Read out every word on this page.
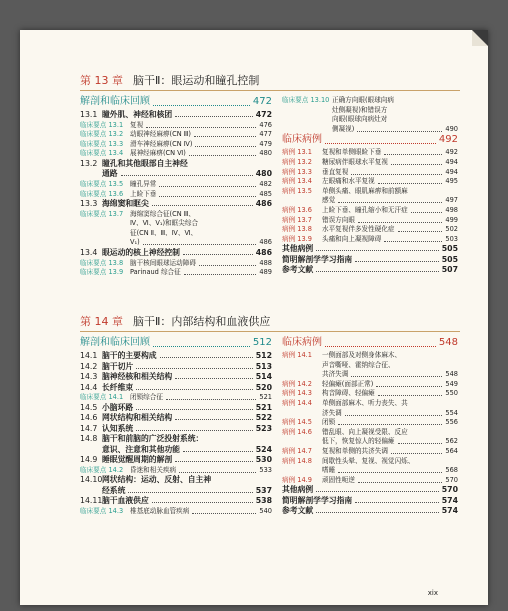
第 13 章 脑干Ⅱ：眼运动和瞳孔控制
解剖和临床回顾	472
13.1 瞳外肌、神经和核团	472
临床要点 13.1	复视	476
临床要点 13.2	动眼神经麻痹(CN Ⅲ)	477
临床要点 13.3	滑车神经麻痹(CN Ⅳ)	479
临床要点 13.4	展神经麻痹(CN Ⅵ)	480
13.2 瞳孔和其他眼部自主神经
通路	480
临床要点 13.5	瞳孔异常	482
临床要点 13.6	上睑下垂	485
13.3 海绵窦和眶尖	486
临床要点 13.7	海绵窦综合征(CN Ⅲ、
Ⅳ、Ⅵ、V₁)和眶尖综合
征(CN Ⅱ、Ⅲ、Ⅳ、Ⅵ、
V₁)	486
13.4 眼运动的核上神经控制	486
临床要点 13.8	脑干核间眼球运动障碍	488
临床要点 13.9	Parinaud 综合征	489
临床要点 13.10 正确方向眼(眼球向病
灶侧凝视)和错误方
向眼(眼球向病灶对
侧凝视)	490
临床病例	492
病例 13.1	复视和单侧眼睑下垂	492
病例 13.2	糖尿病伴眼球水平复视	494
病例 13.3	垂直复视	494
病例 13.4	左眼痛和水平复视	495
病例 13.5	单侧头痛、眼肌麻痹和前额麻
感觉	497
病例 13.6	上睑下垂、瞳孔缩小和无汗症	498
病例 13.7	错误方向眼	499
病例 13.8	水平复视伴多发性硬化症	502
病例 13.9	头痛和向上凝视障碍	503
其他病例	505
简明解剖学学习指南	505
参考文献	507
第 14 章 脑干Ⅱ：内部结构和血液供应
解剖和临床回顾	512
14.1 脑干的主要构成	512
14.2 脑干切片	513
14.3 脑神经核和相关结构	514
14.4 长纤维束	520
临床要点 14.1	闭锁综合征	521
14.5 小脑环路	521
14.6 网状结构和相关结构	522
14.7 认知系统	523
14.8 脑干和前脑的广泛投射系统：
意识、注意和其他功能	524
14.9 睡眠觉醒周期的解剖	530
临床要点 14.2	昏迷和相关疾病	533
14.10 网状结构：运动、反射、自主神
经系统	537
14.11 脑干血液供应	538
临床要点 14.3	椎基底动脉血管疾病	540
临床病例	548
病例 14.1	一侧面部及对侧身体麻木、
声音嘶哑、霍纳综合征、
共济失调	548
病例 14.2	轻偏瘫(面部正常)	549
病例 14.3	构音障碍、轻偏瘫	550
病例 14.4	单侧面部麻木、听力丧失、共
济失调	554
病例 14.5	闭锁	556
病例 14.6	错乱眼、向上凝视受限、反应
低下，恢复惊人的轻偏瘫	562
病例 14.7	复视和单侧的共济失调	564
病例 14.8	间歇性头晕、复视、视觉闪烁、
嗜睡	568
病例 14.9	顽固性呃逆	570
其他病例	570
简明解剖学学习指南	574
参考文献	574
xix
